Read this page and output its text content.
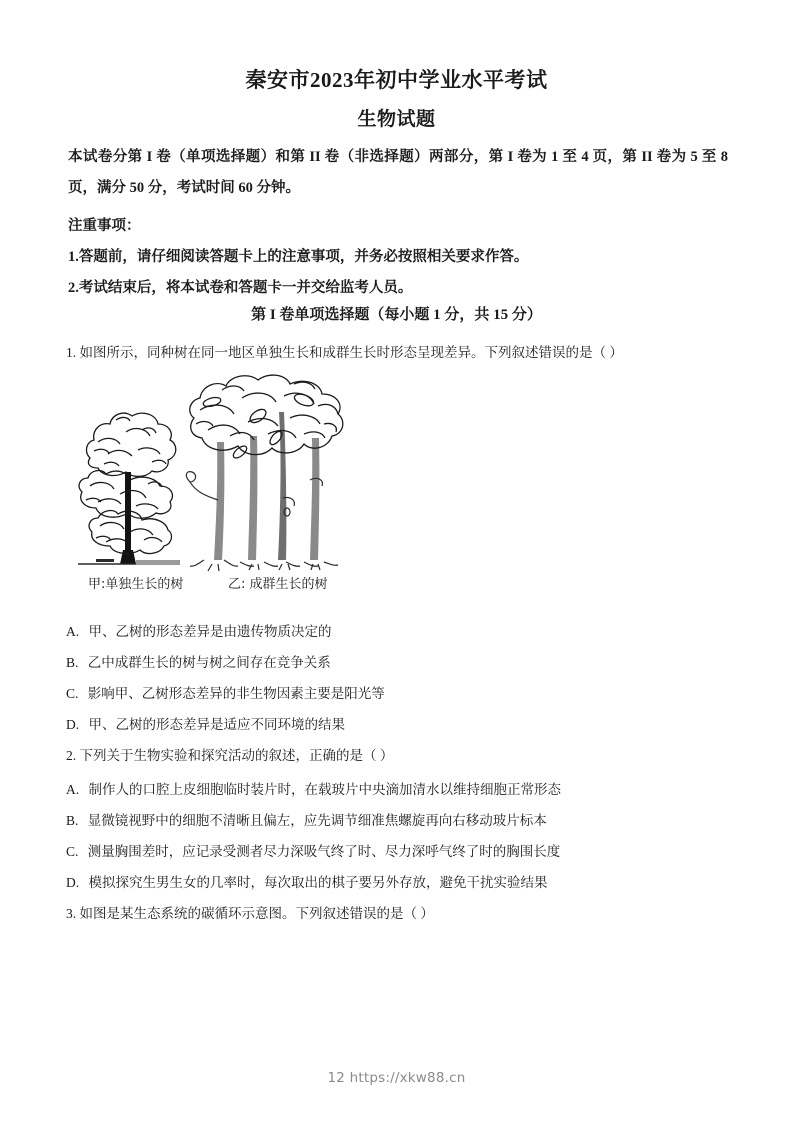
秦安市2023年初中学业水平考试
生物试题
本试卷分第 I 卷（单项选择题）和第 II 卷（非选择题）两部分，第 I 卷为 1 至 4 页，第 II 卷为 5 至 8 页，满分 50 分，考试时间 60 分钟。
注重事项：
1.答题前，请仔细阅读答题卡上的注意事项，并务必按照相关要求作答。
2.考试结束后，将本试卷和答题卡一并交给监考人员。
第 I 卷单项选择题（每小题 1 分，共 15 分）
1. 如图所示，同种树在同一地区单独生长和成群生长时形态呈现差异。下列叙述错误的是（ ）
甲:单独生长的树	乙: 成群生长的树
A. 甲、乙树的形态差异是由遗传物质决定的
B. 乙中成群生长的树与树之间存在竞争关系
C. 影响甲、乙树形态差异的非生物因素主要是阳光等
D. 甲、乙树的形态差异是适应不同环境的结果
2. 下列关于生物实验和探究活动的叙述，正确的是（ ）
A. 制作人的口腔上皮细胞临时装片时，在载玻片中央滴加清水以维持细胞正常形态
B. 显微镜视野中的细胞不清晰且偏左，应先调节细准焦螺旋再向右移动玻片标本
C. 测量胸围差时，应记录受测者尽力深吸气终了时、尽力深呼气终了时的胸围长度
D. 模拟探究生男生女的几率时，每次取出的棋子要另外存放，避免干扰实验结果
3. 如图是某生态系统的碳循环示意图。下列叙述错误的是（ ）
12 https://xkw88.cn
